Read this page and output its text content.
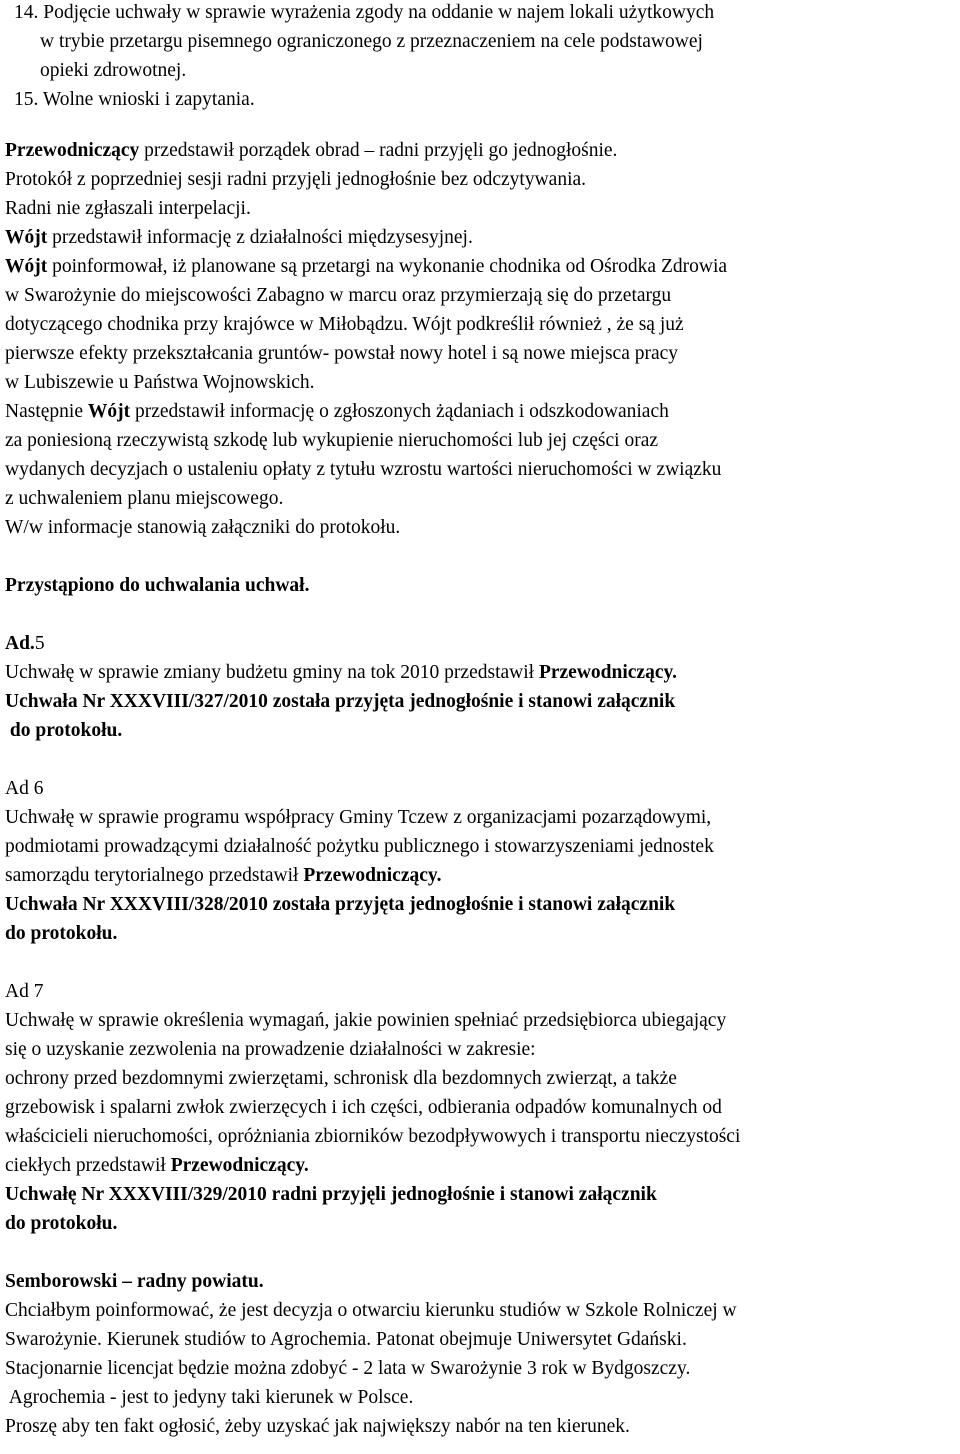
14. Podjęcie uchwały w sprawie wyrażenia zgody na oddanie w najem lokali użytkowych
w trybie przetargu pisemnego ograniczonego z przeznaczeniem na cele podstawowej
opieki zdrowotnej.
15. Wolne wnioski i zapytania.
Przewodniczący przedstawił porządek obrad – radni przyjęli go jednogłośnie.
Protokół z poprzedniej sesji radni przyjęli jednogłośnie bez odczytywania.
Radni nie zgłaszali interpelacji.
Wójt przedstawił informację z działalności międzysesyjnej.
Wójt poinformował, iż planowane są przetargi na wykonanie chodnika od Ośrodka Zdrowia
w Swarożynie do miejscowości Zabagno w marcu oraz przymierzają się do przetargu
dotyczącego chodnika przy krajówce w Miłobądzu. Wójt podkreślił również , że są już
pierwsze efekty przekształcania gruntów- powstał nowy hotel i są nowe miejsca pracy
w Lubiszewie u Państwa Wojnowskich.
Następnie Wójt przedstawił informację o zgłoszonych żądaniach i odszkodowaniach
za poniesioną rzeczywistą szkodę lub wykupienie nieruchomości lub jej części oraz
wydanych decyzjach o ustaleniu opłaty z tytułu wzrostu wartości nieruchomości w związku
z uchwaleniem planu miejscowego.
W/w informacje stanowią załączniki do protokołu.
Przystąpiono do uchwalania uchwał.
Ad.5
Uchwałę w sprawie zmiany budżetu gminy na tok 2010 przedstawił Przewodniczący.
Uchwała Nr XXXVIII/327/2010 została przyjęta jednogłośnie i stanowi załącznik
do protokołu.
Ad 6
Uchwałę w sprawie programu współpracy Gminy Tczew z organizacjami pozarządowymi,
podmiotami prowadzącymi działalność pożytku publicznego i stowarzyszeniami jednostek
samorządu terytorialnego przedstawił Przewodniczący.
Uchwała Nr XXXVIII/328/2010 została przyjęta jednogłośnie i stanowi załącznik
do protokołu.
Ad 7
Uchwałę w sprawie określenia wymagań, jakie powinien spełniać przedsiębiorca ubiegający
się o uzyskanie zezwolenia na prowadzenie działalności w zakresie:
ochrony przed bezdomnymi zwierzętami, schronisk dla bezdomnych zwierząt, a także
grzebowisk i spalarni zwłok zwierzęcych i ich części, odbierania odpadów komunalnych od
właścicieli nieruchomości, opróżniania zbiorników bezodpływowych i transportu nieczystości
ciekłych przedstawił Przewodniczący.
Uchwałę Nr XXXVIII/329/2010 radni przyjęli jednogłośnie i stanowi załącznik
do protokołu.
Semborowski – radny powiatu.
Chciałbym poinformować, że jest decyzja o otwarciu kierunku studiów w Szkole Rolniczej w
Swarożynie. Kierunek studiów to Agrochemia. Patonat obejmuje Uniwersytet Gdański.
Stacjonarnie licencjat będzie można zdobyć - 2 lata w Swarożynie 3 rok w Bydgoszczy.
Agrochemia - jest to jedyny taki kierunek w Polsce.
Proszę aby ten fakt ogłosić, żeby uzyskać jak największy nabór na ten kierunek.
